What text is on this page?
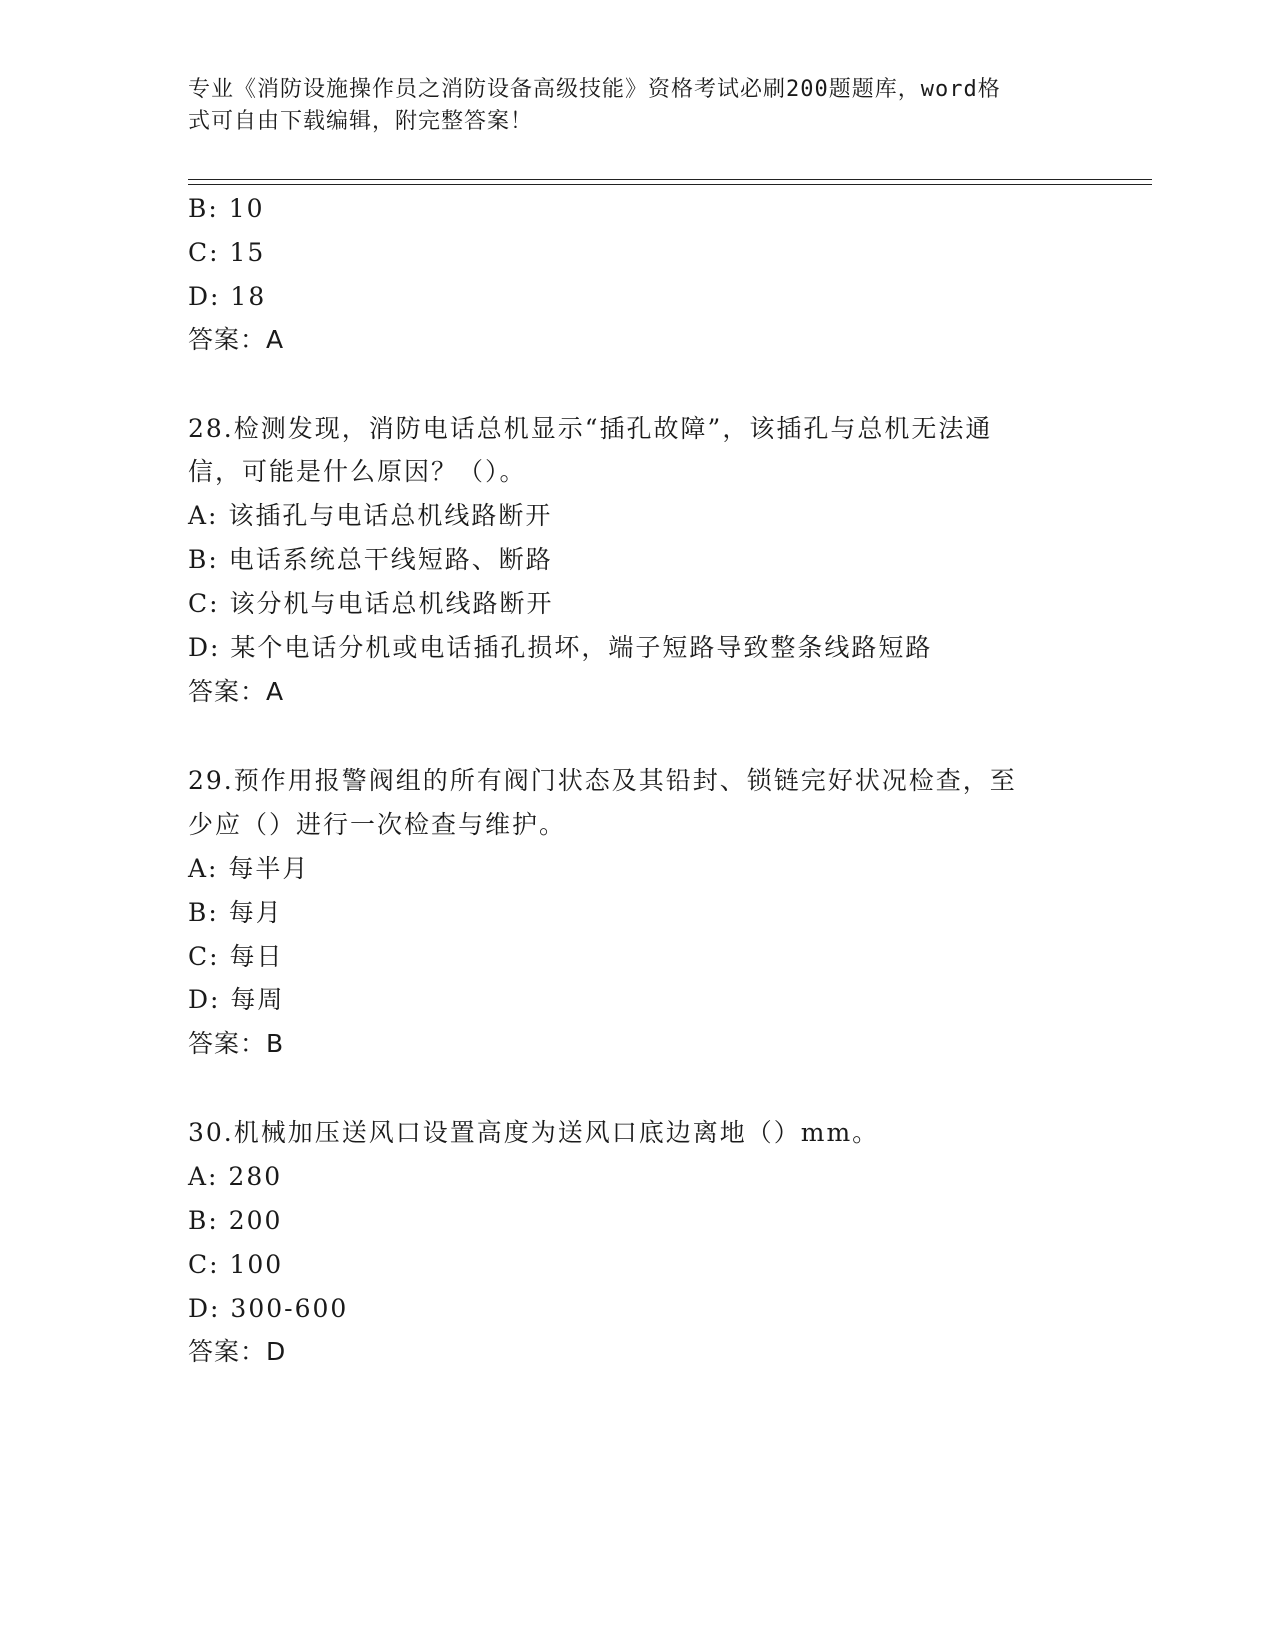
专业《消防设施操作员之消防设备高级技能》资格考试必刷200题题库，word格
式可自由下载编辑，附完整答案！
B: 10
C: 15
D: 18
答案：A
28.检测发现，消防电话总机显示“插孔故障”，该插孔与总机无法通
信，可能是什么原因？（）。
A: 该插孔与电话总机线路断开
B: 电话系统总干线短路、断路
C: 该分机与电话总机线路断开
D: 某个电话分机或电话插孔损坏，端子短路导致整条线路短路
答案：A
29.预作用报警阀组的所有阀门状态及其铅封、锁链完好状况检查，至
少应（）进行一次检查与维护。
A: 每半月
B: 每月
C: 每日
D: 每周
答案：B
30.机械加压送风口设置高度为送风口底边离地（）mm。
A: 280
B: 200
C: 100
D: 300-600
答案：D
